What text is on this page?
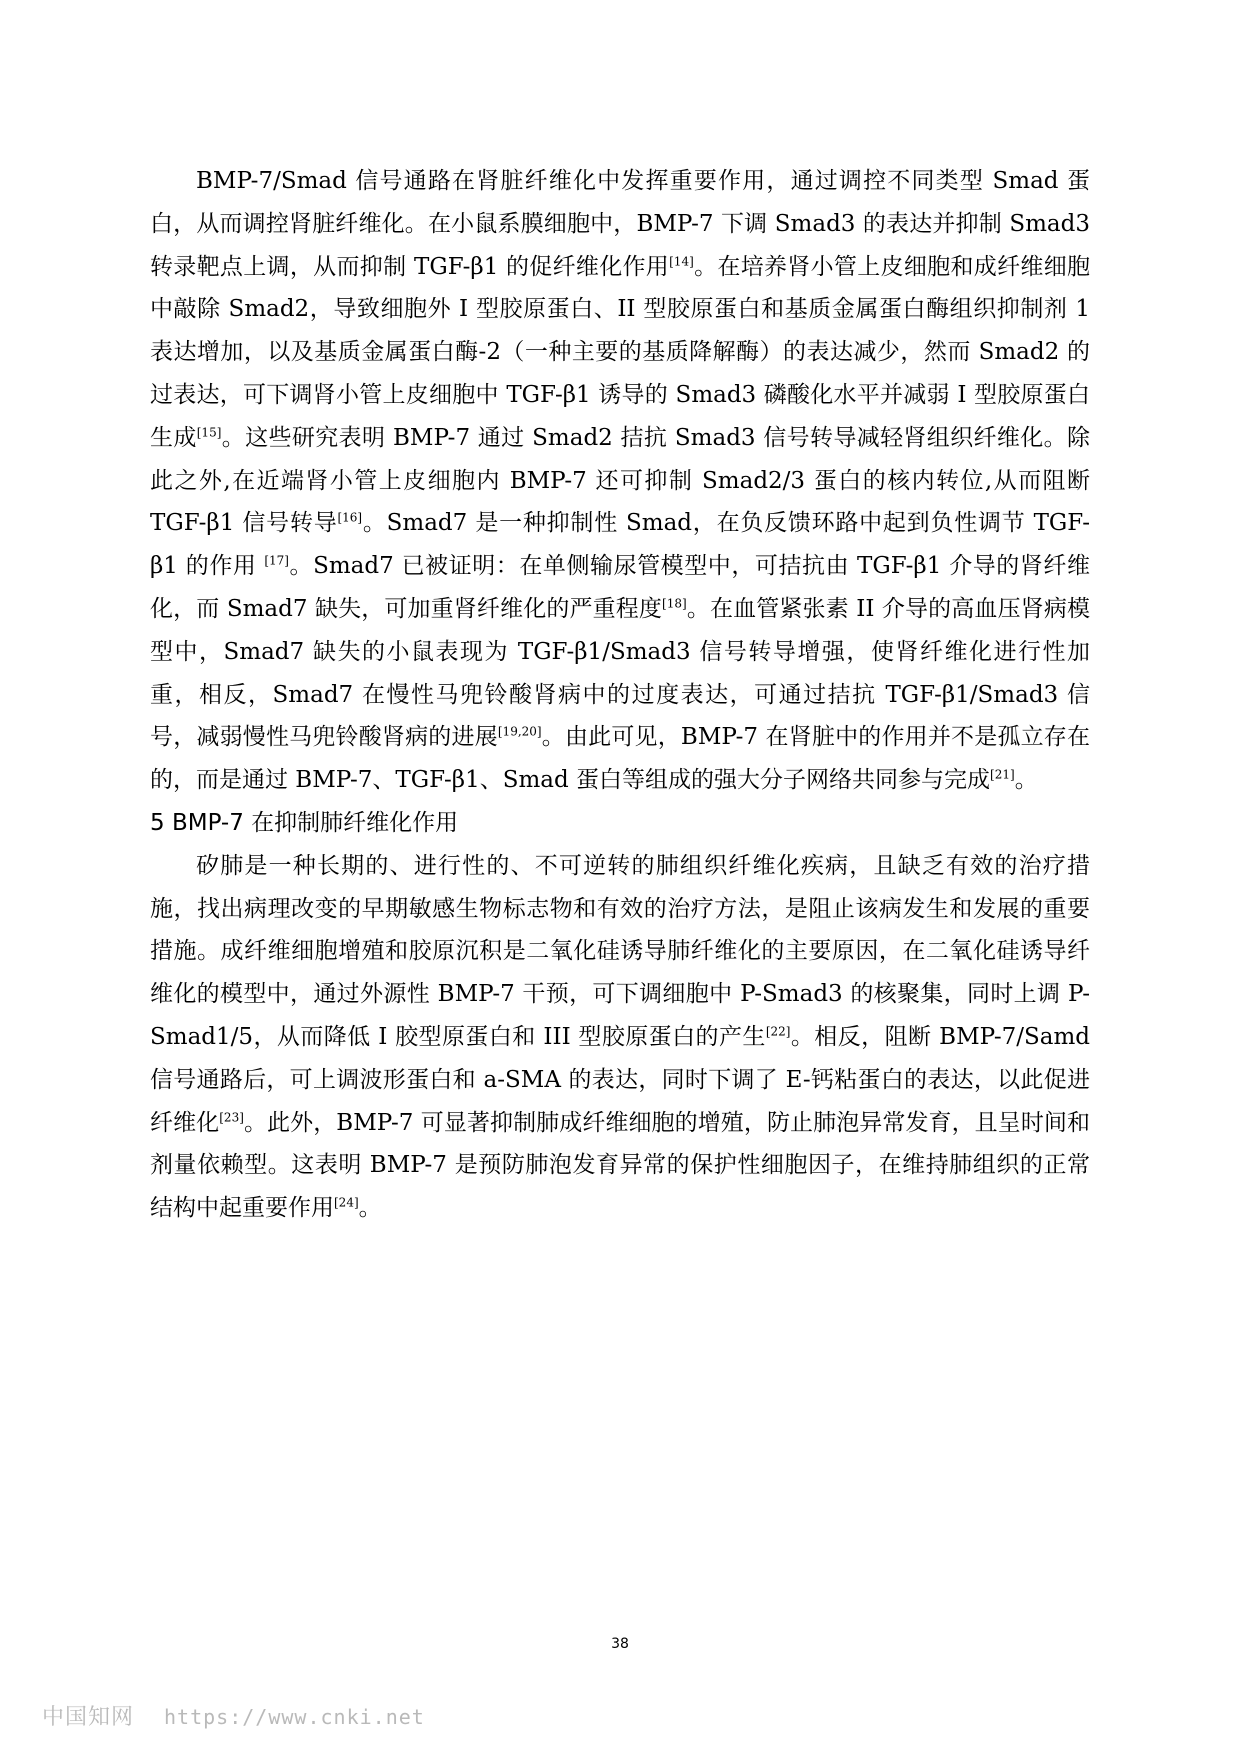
BMP-7/Smad 信号通路在肾脏纤维化中发挥重要作用，通过调控不同类型 Smad 蛋白，从而调控肾脏纤维化。在小鼠系膜细胞中，BMP-7 下调 Smad3 的表达并抑制 Smad3 转录靶点上调，从而抑制 TGF-β1 的促纤维化作用[14]。在培养肾小管上皮细胞和成纤维细胞中敲除 Smad2，导致细胞外 I 型胶原蛋白、II 型胶原蛋白和基质金属蛋白酶组织抑制剂 1 表达增加，以及基质金属蛋白酶-2（一种主要的基质降解酶）的表达减少，然而 Smad2 的过表达，可下调肾小管上皮细胞中 TGF-β1 诱导的 Smad3 磷酸化水平并减弱 I 型胶原蛋白生成[15]。这些研究表明 BMP-7 通过 Smad2 拮抗 Smad3 信号转导减轻肾组织纤维化。除此之外,在近端肾小管上皮细胞内 BMP-7 还可抑制 Smad2/3 蛋白的核内转位,从而阻断 TGF-β1 信号转导[16]。Smad7 是一种抑制性 Smad，在负反馈环路中起到负性调节 TGF-β1 的作用 [17]。Smad7 已被证明：在单侧输尿管模型中，可拮抗由 TGF-β1 介导的肾纤维化，而 Smad7 缺失，可加重肾纤维化的严重程度[18]。在血管紧张素 II 介导的高血压肾病模型中，Smad7 缺失的小鼠表现为 TGF-β1/Smad3 信号转导增强，使肾纤维化进行性加重，相反，Smad7 在慢性马兜铃酸肾病中的过度表达，可通过拮抗 TGF-β1/Smad3 信号，减弱慢性马兜铃酸肾病的进展[19,20]。由此可见，BMP-7 在肾脏中的作用并不是孤立存在的，而是通过 BMP-7、TGF-β1、Smad 蛋白等组成的强大分子网络共同参与完成[21]。

5 BMP-7 在抑制肺纤维化作用

矽肺是一种长期的、进行性的、不可逆转的肺组织纤维化疾病，且缺乏有效的治疗措施，找出病理改变的早期敏感生物标志物和有效的治疗方法，是阻止该病发生和发展的重要措施。成纤维细胞增殖和胶原沉积是二氧化硅诱导肺纤维化的主要原因，在二氧化硅诱导纤维化的模型中，通过外源性 BMP-7 干预，可下调细胞中 P-Smad3 的核聚集，同时上调 P-Smad1/5，从而降低 I 胶型原蛋白和 III 型胶原蛋白的产生[22]。相反，阻断 BMP-7/Samd 信号通路后，可上调波形蛋白和 a-SMA 的表达，同时下调了 E-钙粘蛋白的表达，以此促进纤维化[23]。此外，BMP-7 可显著抑制肺成纤维细胞的增殖，防止肺泡异常发育，且呈时间和剂量依赖型。这表明 BMP-7 是预防肺泡发育异常的保护性细胞因子，在维持肺组织的正常结构中起重要作用[24]。

38
中国知网 https://www.cnki.net
